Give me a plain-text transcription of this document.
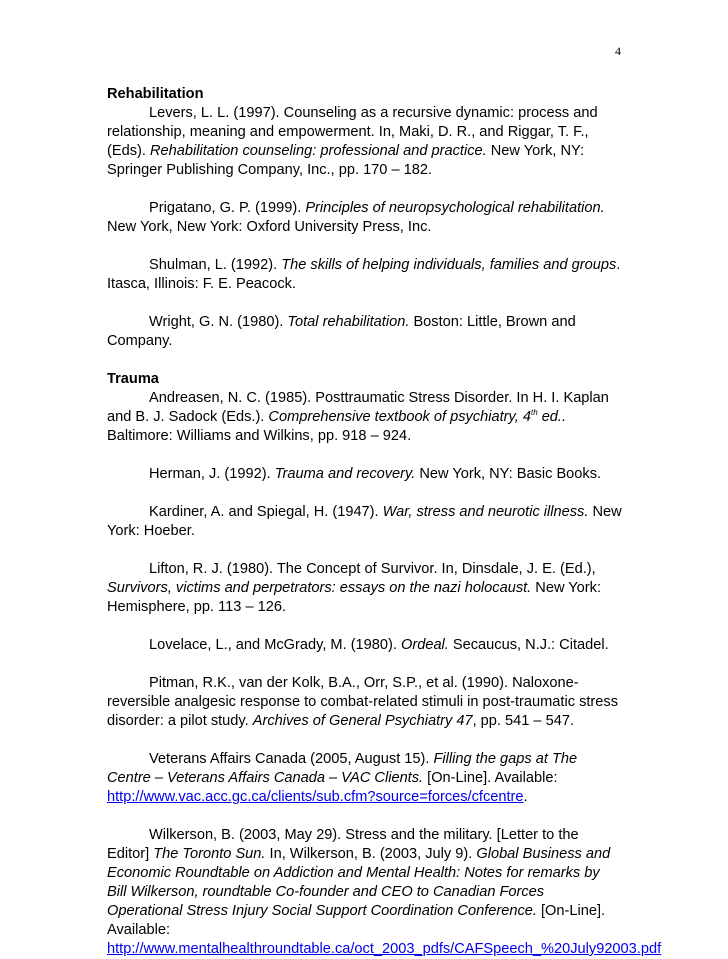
4
Rehabilitation

Levers, L. L. (1997). Counseling as a recursive dynamic: process and relationship, meaning and empowerment. In, Maki, D. R., and Riggar, T. F., (Eds). Rehabilitation counseling: professional and practice. New York, NY: Springer Publishing Company, Inc., pp. 170 – 182.

Prigatano, G. P. (1999). Principles of neuropsychological rehabilitation. New York, New York: Oxford University Press, Inc.

Shulman, L. (1992). The skills of helping individuals, families and groups. Itasca, Illinois: F. E. Peacock.

Wright, G. N. (1980). Total rehabilitation. Boston: Little, Brown and Company.

Trauma

Andreasen, N. C. (1985). Posttraumatic Stress Disorder. In H. I. Kaplan and B. J. Sadock (Eds.). Comprehensive textbook of psychiatry, 4th ed.. Baltimore: Williams and Wilkins, pp. 918 – 924.

Herman, J. (1992). Trauma and recovery. New York, NY: Basic Books.

Kardiner, A. and Spiegal, H. (1947). War, stress and neurotic illness. New York: Hoeber.

Lifton, R. J. (1980). The Concept of Survivor. In, Dinsdale, J. E. (Ed.), Survivors, victims and perpetrators: essays on the nazi holocaust. New York: Hemisphere, pp. 113 – 126.

Lovelace, L., and McGrady, M. (1980). Ordeal. Secaucus, N.J.: Citadel.

Pitman, R.K., van der Kolk, B.A., Orr, S.P., et al. (1990). Naloxone-reversible analgesic response to combat-related stimuli in post-traumatic stress disorder: a pilot study. Archives of General Psychiatry 47, pp. 541 – 547.

Veterans Affairs Canada (2005, August 15). Filling the gaps at The Centre – Veterans Affairs Canada – VAC Clients. [On-Line]. Available: http://www.vac.acc.gc.ca/clients/sub.cfm?source=forces/cfcentre.

Wilkerson, B. (2003, May 29). Stress and the military. [Letter to the Editor] The Toronto Sun. In, Wilkerson, B. (2003, July 9). Global Business and Economic Roundtable on Addiction and Mental Health: Notes for remarks by Bill Wilkerson, roundtable Co-founder and CEO to Canadian Forces Operational Stress Injury Social Support Coordination Conference. [On-Line]. Available: http://www.mentalhealthroundtable.ca/oct_2003_pdfs/CAFSpeech_%20July92003.pdf
